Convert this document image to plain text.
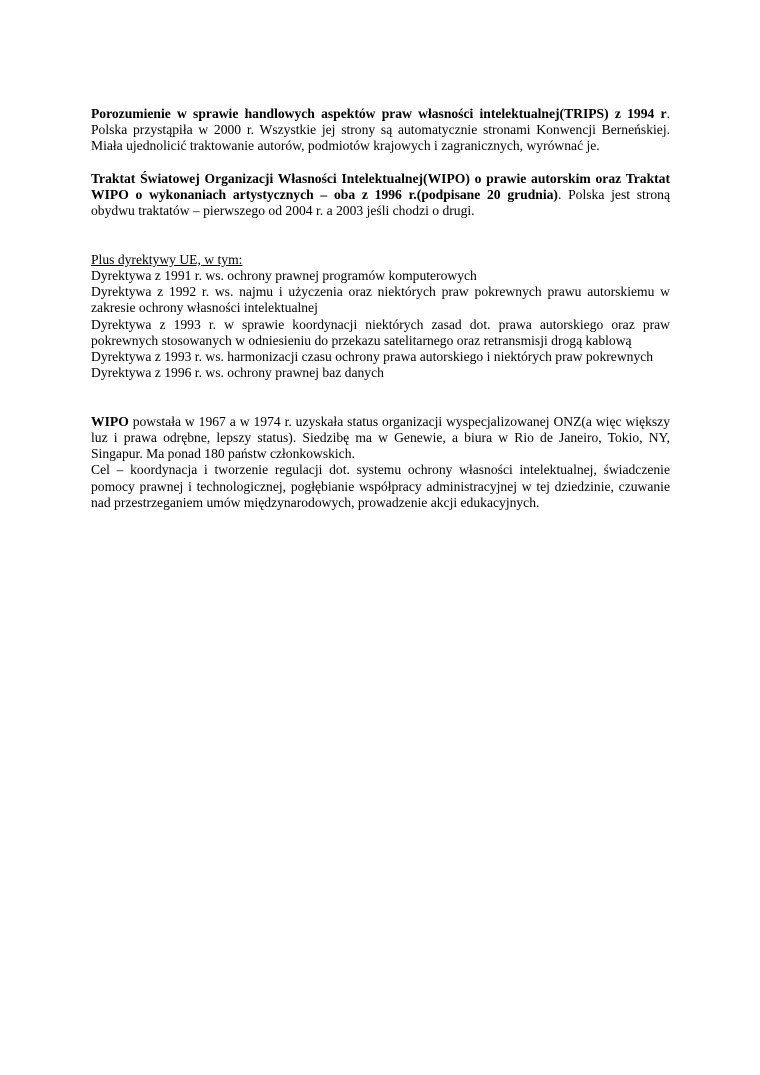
Porozumienie w sprawie handlowych aspektów praw własności intelektualnej(TRIPS) z 1994 r. Polska przystąpiła w 2000 r. Wszystkie jej strony są automatycznie stronami Konwencji Berneńskiej. Miała ujednolicić traktowanie autorów, podmiotów krajowych i zagranicznych, wyrównać je.

Traktat Światowej Organizacji Własności Intelektualnej(WIPO) o prawie autorskim oraz Traktat WIPO o wykonaniach artystycznych – oba z 1996 r.(podpisane 20 grudnia). Polska jest stroną obydwu traktatów – pierwszego od 2004 r. a 2003 jeśli chodzi o drugi.

Plus dyrektywy UE, w tym:

Dyrektywa z 1991 r. ws. ochrony prawnej programów komputerowych

Dyrektywa z 1992 r. ws. najmu i użyczenia oraz niektórych praw pokrewnych prawu autorskiemu w zakresie ochrony własności intelektualnej

Dyrektywa z 1993 r. w sprawie koordynacji niektórych zasad dot. prawa autorskiego oraz praw pokrewnych stosowanych w odniesieniu do przekazu satelitarnego oraz retransmisji drogą kablową

Dyrektywa z 1993 r. ws. harmonizacji czasu ochrony prawa autorskiego i niektórych praw pokrewnych

Dyrektywa z 1996 r. ws. ochrony prawnej baz danych

WIPO powstała w 1967 a w 1974 r. uzyskała status organizacji wyspecjalizowanej ONZ(a więc większy luz i prawa odrębne, lepszy status). Siedzibę ma w Genewie, a biura w Rio de Janeiro, Tokio, NY, Singapur. Ma ponad 180 państw członkowskich.

Cel – koordynacja i tworzenie regulacji dot. systemu ochrony własności intelektualnej, świadczenie pomocy prawnej i technologicznej, pogłębianie współpracy administracyjnej w tej dziedzinie, czuwanie nad przestrzeganiem umów międzynarodowych, prowadzenie akcji edukacyjnych.
